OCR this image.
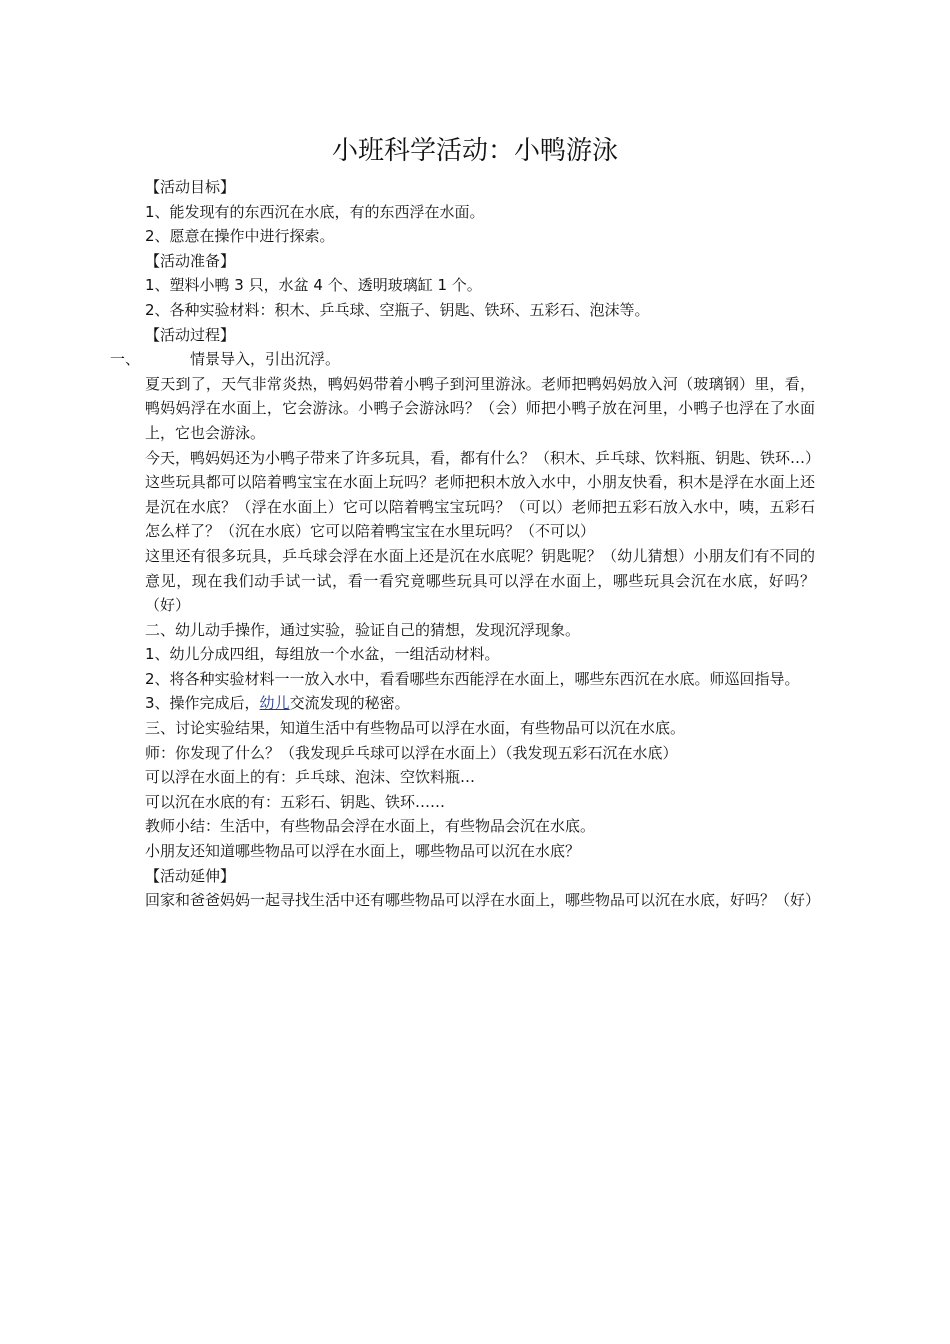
小班科学活动：小鸭游泳

【活动目标】

1、能发现有的东西沉在水底，有的东西浮在水面。

2、愿意在操作中进行探索。

【活动准备】

1、塑料小鸭 3 只，水盆 4 个、透明玻璃缸 1 个。

2、各种实验材料：积木、乒乓球、空瓶子、钥匙、铁环、五彩石、泡沫等。

【活动过程】

一、	情景导入，引出沉浮。

夏天到了，天气非常炎热，鸭妈妈带着小鸭子到河里游泳。老师把鸭妈妈放入河（玻璃钢）里，看，鸭妈妈浮在水面上，它会游泳。小鸭子会游泳吗？（会）师把小鸭子放在河里，小鸭子也浮在了水面上，它也会游泳。

今天，鸭妈妈还为小鸭子带来了许多玩具，看，都有什么？（积木、乒乓球、饮料瓶、钥匙、铁环…）

这些玩具都可以陪着鸭宝宝在水面上玩吗？老师把积木放入水中，小朋友快看，积木是浮在水面上还是沉在水底？（浮在水面上）它可以陪着鸭宝宝玩吗？（可以）老师把五彩石放入水中，咦，五彩石怎么样了？（沉在水底）它可以陪着鸭宝宝在水里玩吗？（不可以）

这里还有很多玩具，乒乓球会浮在水面上还是沉在水底呢？钥匙呢？（幼儿猜想）小朋友们有不同的意见，现在我们动手试一试，看一看究竟哪些玩具可以浮在水面上，哪些玩具会沉在水底，好吗？（好）

二、幼儿动手操作，通过实验，验证自己的猜想，发现沉浮现象。

1、幼儿分成四组，每组放一个水盆，一组活动材料。

2、将各种实验材料一一放入水中，看看哪些东西能浮在水面上，哪些东西沉在水底。师巡回指导。

3、操作完成后，幼儿交流发现的秘密。

三、讨论实验结果，知道生活中有些物品可以浮在水面，有些物品可以沉在水底。

师：你发现了什么？（我发现乒乓球可以浮在水面上）（我发现五彩石沉在水底）

可以浮在水面上的有：乒乓球、泡沫、空饮料瓶…

可以沉在水底的有：五彩石、钥匙、铁环……

教师小结：生活中，有些物品会浮在水面上，有些物品会沉在水底。

小朋友还知道哪些物品可以浮在水面上，哪些物品可以沉在水底？

【活动延伸】

回家和爸爸妈妈一起寻找生活中还有哪些物品可以浮在水面上，哪些物品可以沉在水底，好吗？（好）
